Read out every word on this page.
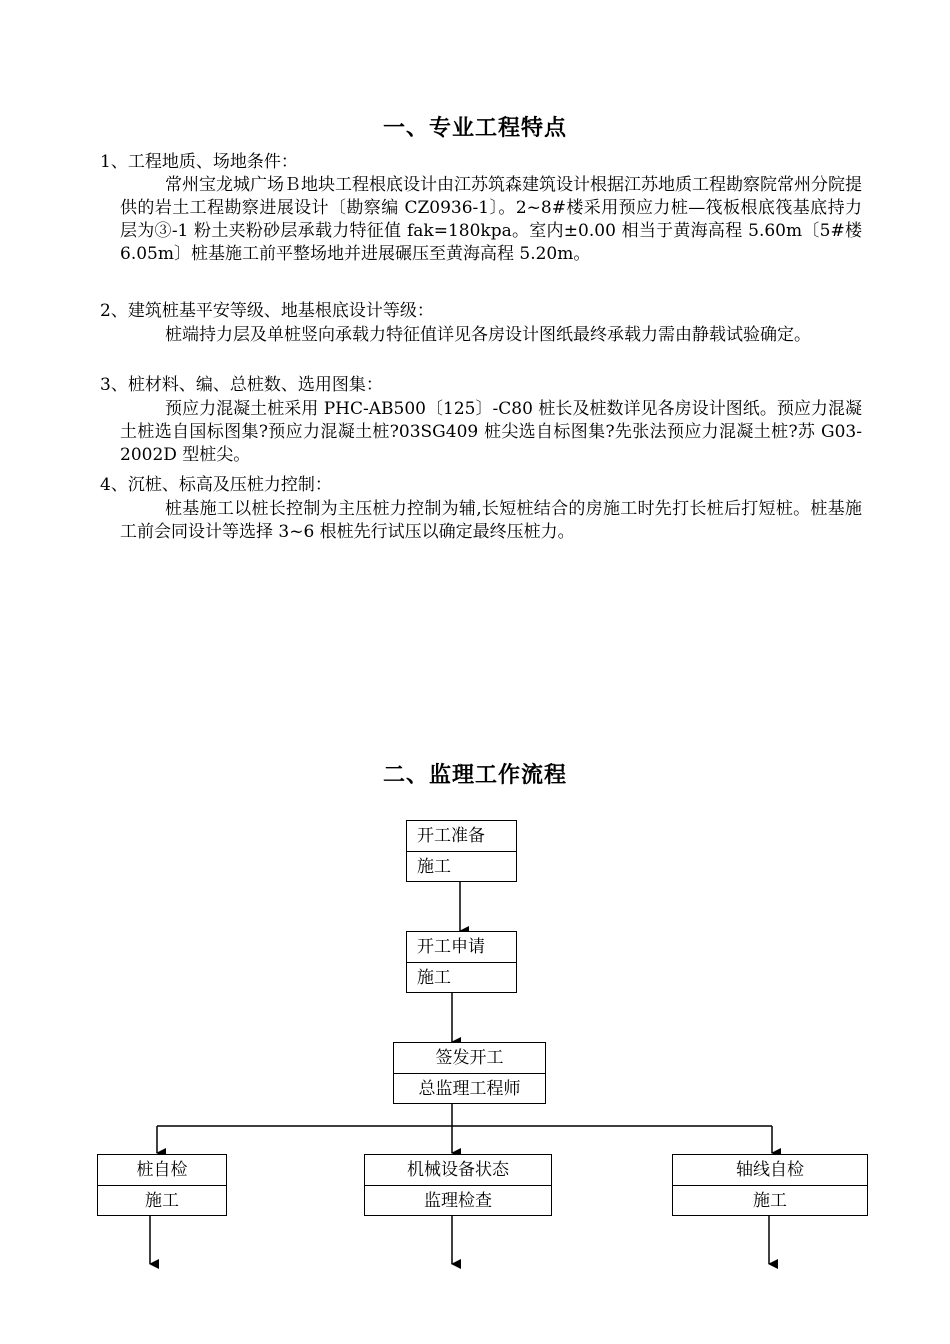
一、专业工程特点
1、工程地质、场地条件：
常州宝龙城广场Ｂ地块工程根底设计由江苏筑森建筑设计根据江苏地质工程勘察院常州分院提供的岩土工程勘察进展设计〔勘察编 CZ0936-1〕。2~8#楼采用预应力桩—筏板根底筏基底持力层为③-1 粉土夹粉砂层承载力特征值 fak=180kpa。室内±0.00 相当于黄海高程 5.60m〔5#楼 6.05m〕桩基施工前平整场地并进展碾压至黄海高程 5.20m。
2、建筑桩基平安等级、地基根底设计等级：
桩端持力层及单桩竖向承载力特征值详见各房设计图纸最终承载力需由静载试验确定。
3、桩材料、编、总桩数、选用图集：
预应力混凝土桩采用 PHC-AB500〔125〕-C80 桩长及桩数详见各房设计图纸。预应力混凝土桩选自国标图集?预应力混凝土桩?03SG409 桩尖选自标图集?先张法预应力混凝土桩?苏 G03-2002D 型桩尖。
4、沉桩、标高及压桩力控制：
桩基施工以桩长控制为主压桩力控制为辅,长短桩结合的房施工时先打长桩后打短桩。桩基施工前会同设计等选择 3~6 根桩先行试压以确定最终压桩力。
二、监理工作流程
开工准备
施工
开工申请
施工
签发开工
总监理工程师
桩自检
施工
机械设备状态
监理检查
轴线自检
施工
